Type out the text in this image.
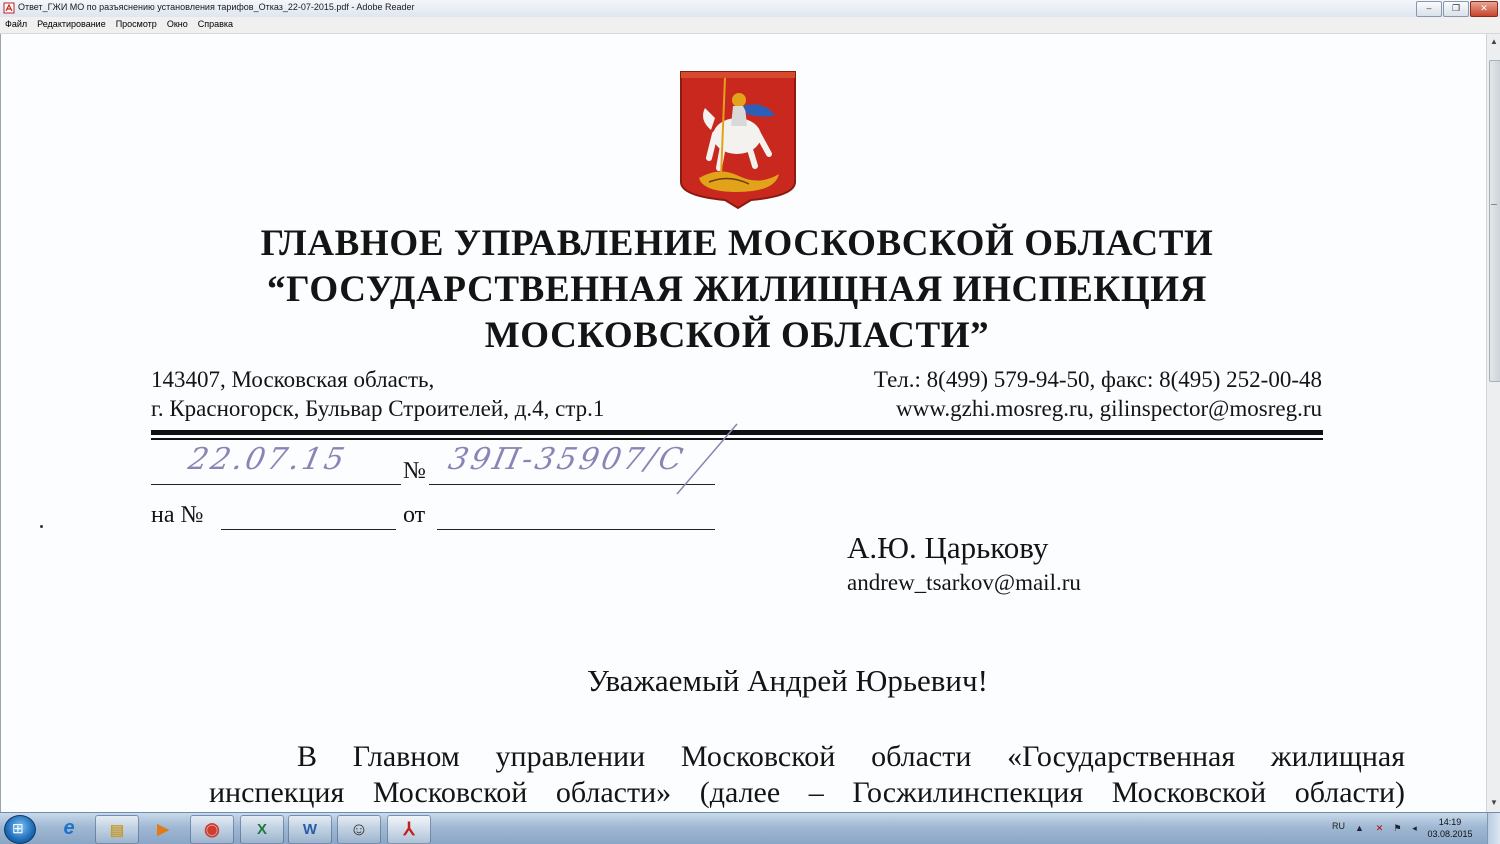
Ответ_ГЖИ МО по разъяснению установления тарифов_Отказ_22-07-2015.pdf - Adobe Reader	–	❐	✕
Файл	Редактирование	Просмотр	Окно	Справка
ГЛАВНОЕ УПРАВЛЕНИЕ МОСКОВСКОЙ ОБЛАСТИ
“ГОСУДАРСТВЕННАЯ ЖИЛИЩНАЯ ИНСПЕКЦИЯ
МОСКОВСКОЙ ОБЛАСТИ”
143407, Московская область,
г. Красногорск, Бульвар Строителей, д.4, стр.1
Тел.: 8(499) 579-94-50, факс: 8(495) 252-00-48
www.gzhi.mosreg.ru, gilinspector@mosreg.ru
22.07.15 № 39П-35907/С
на №	от
А.Ю. Царькову
andrew_tsarkov@mail.ru
Уважаемый Андрей Юрьевич!
В Главном управлении Московской области «Государственная жилищная
инспекция Московской области» (далее – Госжилинспекция Московской области)
▲
▼
⊞ e ▤ ▶ ◉ X W ☺ ⅄	RU ▲ ✕ ⚑	◂
14:19
03.08.2015
